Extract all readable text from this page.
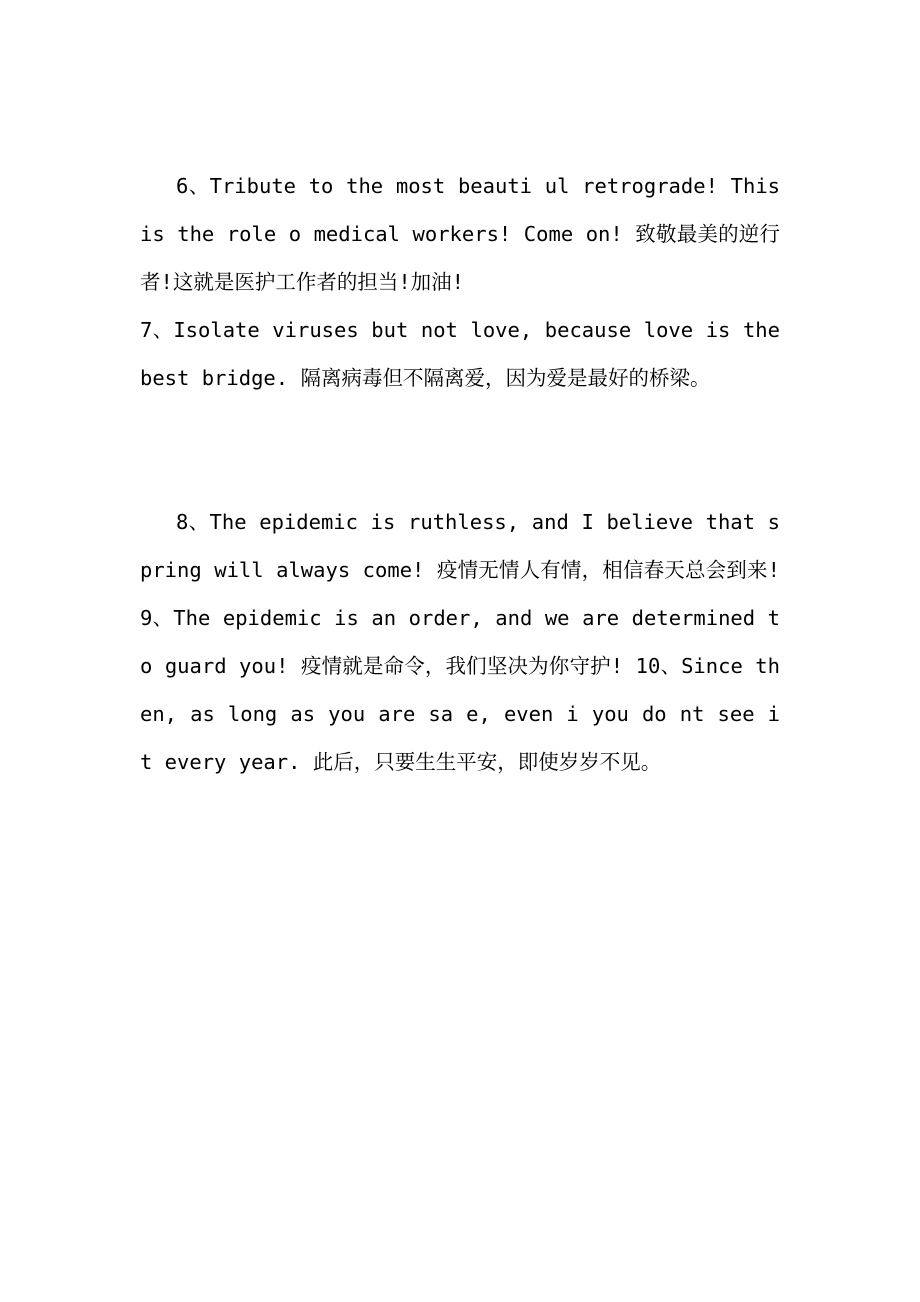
6、Tribute to the most beauti ul retrograde! This is the role o medical workers! Come on! 致敬最美的逆行者!这就是医护工作者的担当!加油!

7、Isolate viruses but not love, because love is the best bridge. 隔离病毒但不隔离爱，因为爱是最好的桥梁。

8、The epidemic is ruthless, and I believe that spring will always come! 疫情无情人有情，相信春天总会到来! 9、The epidemic is an order, and we are determined to guard you! 疫情就是命令，我们坚决为你守护! 10、Since then, as long as you are sa e, even i you do nt see it every year. 此后，只要生生平安，即使岁岁不见。
